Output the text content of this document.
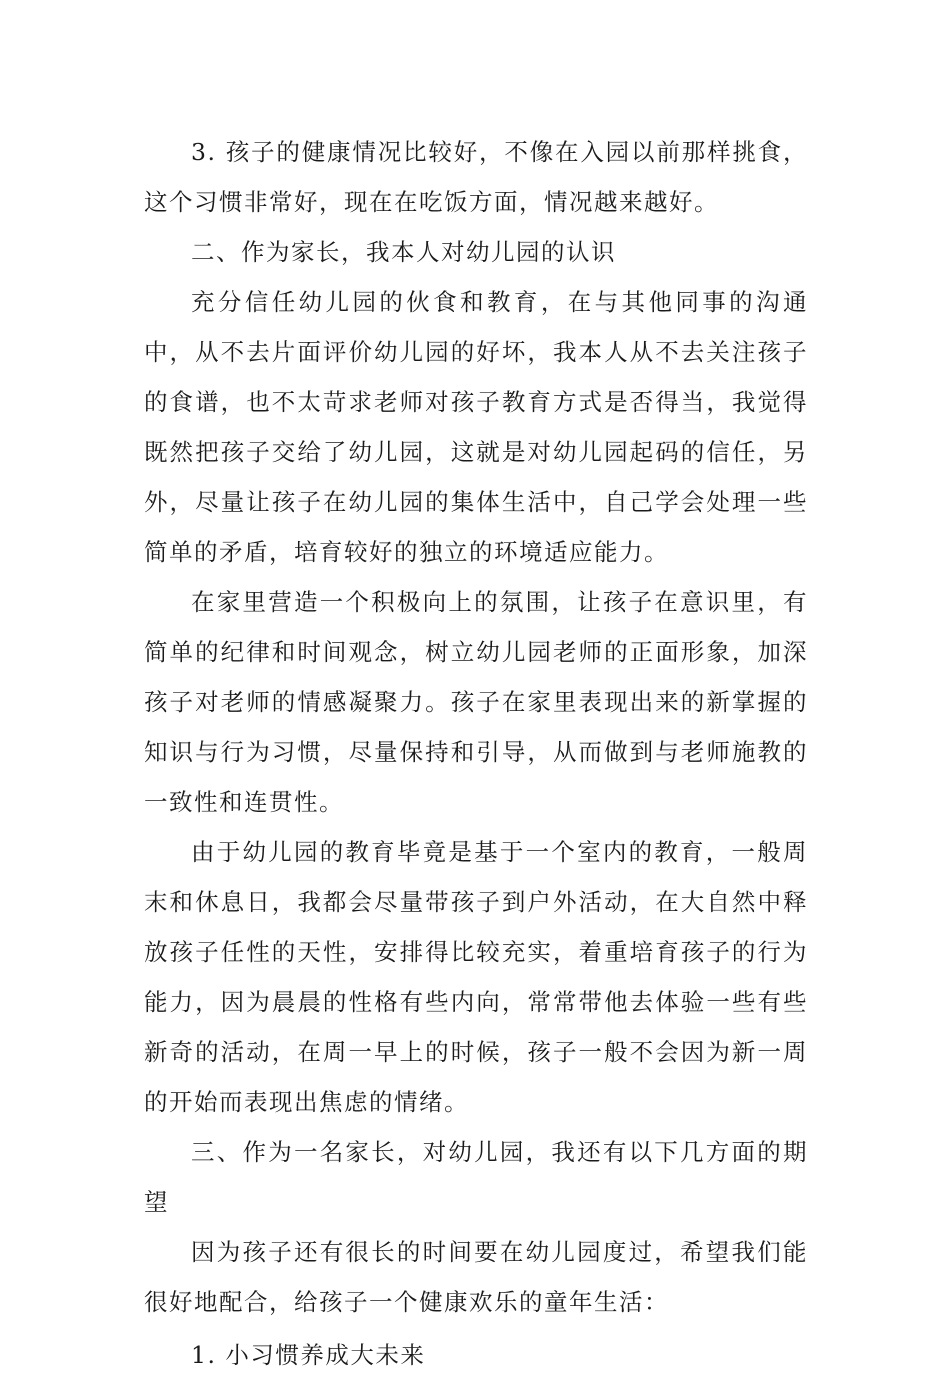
3. 孩子的健康情况比较好，不像在入园以前那样挑食，这个习惯非常好，现在在吃饭方面，情况越来越好。

二、作为家长，我本人对幼儿园的认识

充分信任幼儿园的伙食和教育，在与其他同事的沟通中，从不去片面评价幼儿园的好坏，我本人从不去关注孩子的食谱，也不太苛求老师对孩子教育方式是否得当，我觉得既然把孩子交给了幼儿园，这就是对幼儿园起码的信任，另外，尽量让孩子在幼儿园的集体生活中，自己学会处理一些简单的矛盾，培育较好的独立的环境适应能力。

在家里营造一个积极向上的氛围，让孩子在意识里，有简单的纪律和时间观念，树立幼儿园老师的正面形象，加深孩子对老师的情感凝聚力。孩子在家里表现出来的新掌握的知识与行为习惯，尽量保持和引导，从而做到与老师施教的一致性和连贯性。

由于幼儿园的教育毕竟是基于一个室内的教育，一般周末和休息日，我都会尽量带孩子到户外活动，在大自然中释放孩子任性的天性，安排得比较充实，着重培育孩子的行为能力，因为晨晨的性格有些内向，常常带他去体验一些有些新奇的活动，在周一早上的时候，孩子一般不会因为新一周的开始而表现出焦虑的情绪。

三、作为一名家长，对幼儿园，我还有以下几方面的期望

因为孩子还有很长的时间要在幼儿园度过，希望我们能很好地配合，给孩子一个健康欢乐的童年生活：

1. 小习惯养成大未来
